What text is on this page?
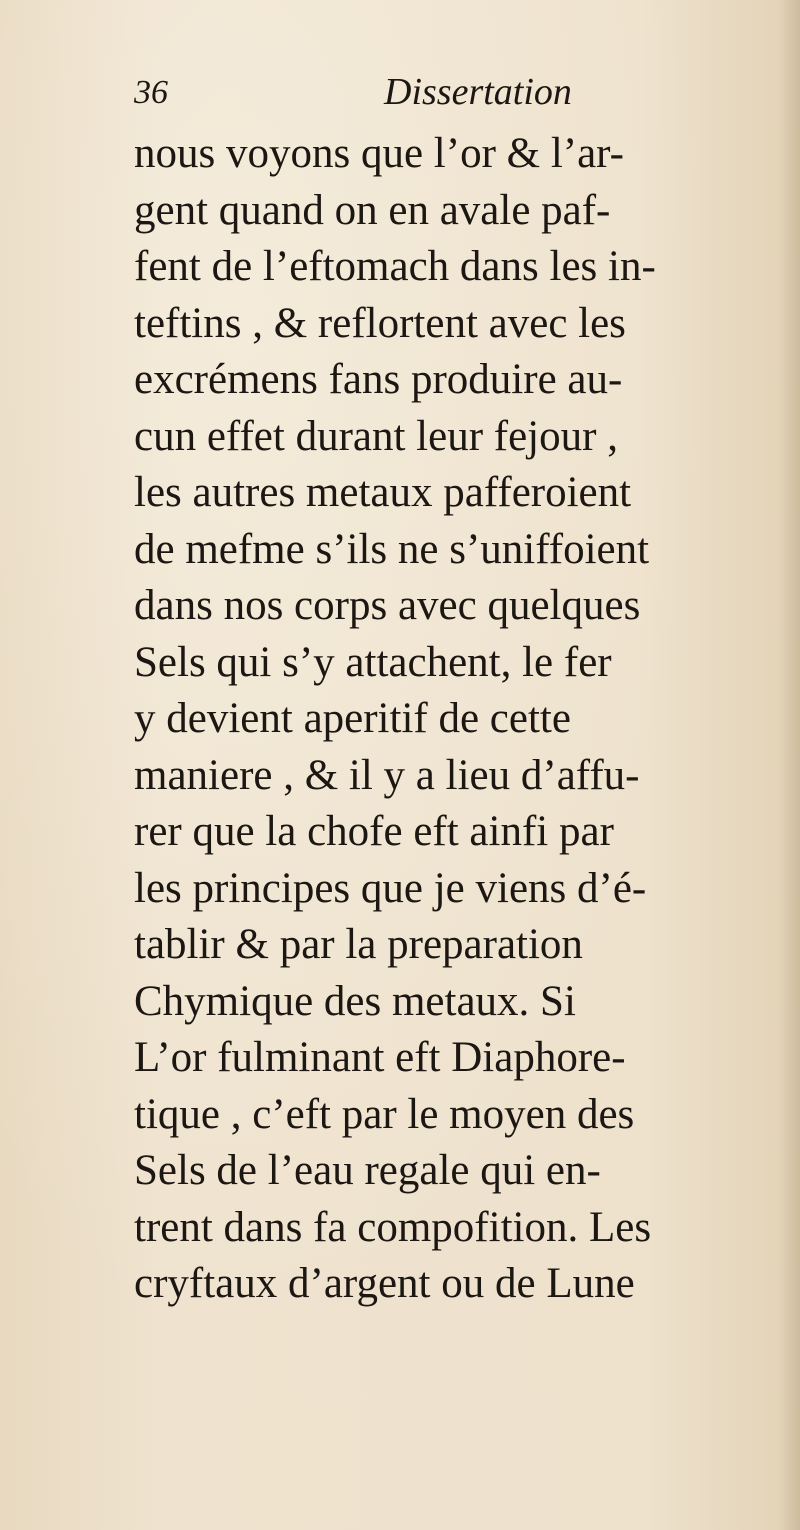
36	Dissertation
nous voyons que l’or & l’ar-
gent quand on en avale paf-
fent de l’eftomach dans les in-
teftins , & reflortent avec les
excrémens fans produire au-
cun effet durant leur fejour ,
les autres metaux pafferoient
de mefme s’ils ne s’uniffoient
dans nos corps avec quelques
Sels qui s’y attachent, le fer
y devient aperitif de cette
maniere , & il y a lieu d’affu-
rer que la chofe eft ainfi par
les principes que je viens d’é-
tablir & par la preparation
Chymique des metaux. Si
L’or fulminant eft Diaphore-
tique , c’eft par le moyen des
Sels de l’eau regale qui en-
trent dans fa compofition. Les
cryftaux d’argent ou de Lune
